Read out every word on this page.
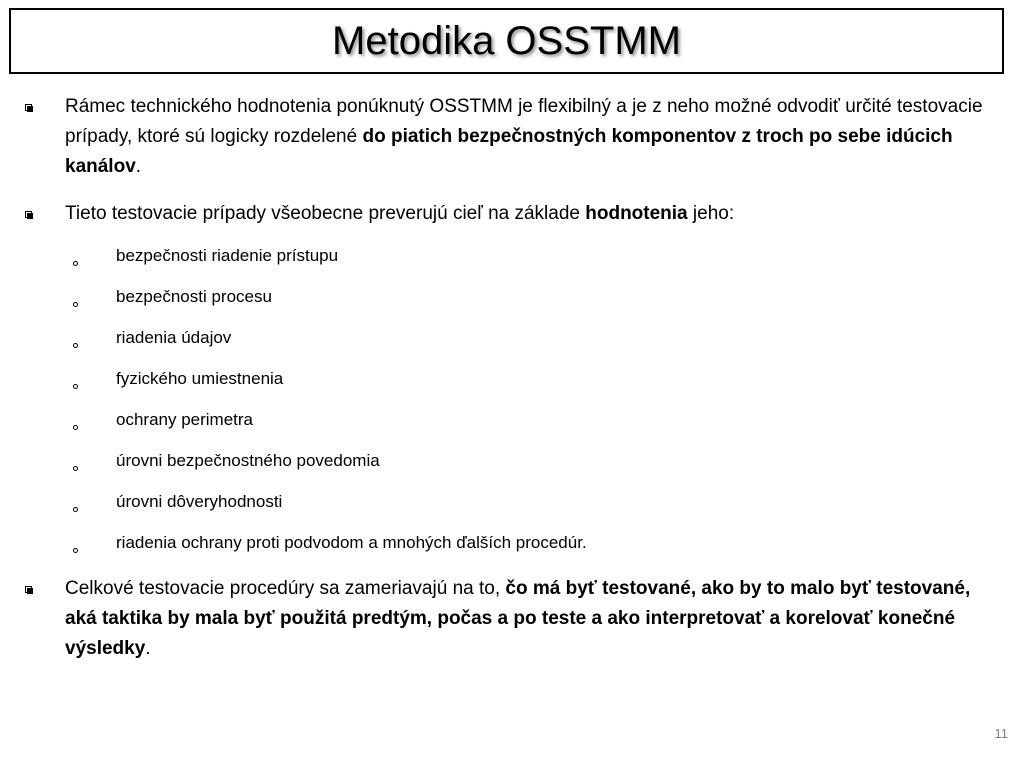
Metodika OSSTMM
Rámec technického hodnotenia ponúknutý OSSTMM je flexibilný a je z neho možné odvodiť určité testovacie prípady, ktoré sú logicky rozdelené do piatich bezpečnostných komponentov z troch po sebe idúcich kanálov.
Tieto testovacie prípady všeobecne preverujú cieľ na základe hodnotenia jeho:
bezpečnosti riadenie prístupu
bezpečnosti procesu
riadenia údajov
fyzického umiestnenia
ochrany perimetra
úrovni bezpečnostného povedomia
úrovni dôveryhodnosti
riadenia ochrany proti podvodom a mnohých ďalších procedúr.
Celkové testovacie procedúry sa zameriavajú na to, čo má byť testované, ako by to malo byť testované, aká taktika by mala byť použitá predtým, počas a po teste a ako interpretovať a korelovať konečné výsledky.
11
